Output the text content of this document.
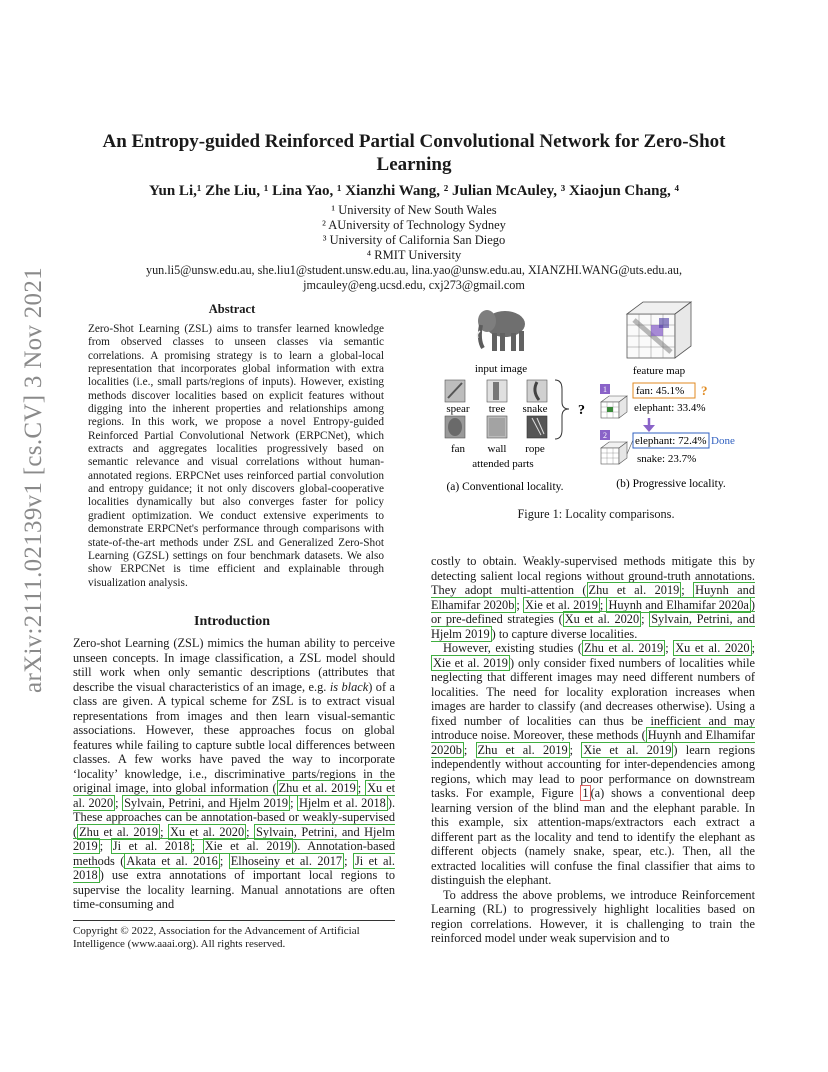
arXiv:2111.02139v1 [cs.CV] 3 Nov 2021
An Entropy-guided Reinforced Partial Convolutional Network for Zero-Shot Learning
Yun Li,¹ Zhe Liu, ¹ Lina Yao, ¹ Xianzhi Wang, ² Julian McAuley, ³ Xiaojun Chang, ⁴
¹ University of New South Wales
² AUniversity of Technology Sydney
³ University of California San Diego
⁴ RMIT University
yun.li5@unsw.edu.au, she.liu1@student.unsw.edu.au, lina.yao@unsw.edu.au, XIANZHI.WANG@uts.edu.au,
jmcauley@eng.ucsd.edu, cxj273@gmail.com
Abstract
Zero-Shot Learning (ZSL) aims to transfer learned knowledge from observed classes to unseen classes via semantic correlations. A promising strategy is to learn a global-local representation that incorporates global information with extra localities (i.e., small parts/regions of inputs). However, existing methods discover localities based on explicit features without digging into the inherent properties and relationships among regions. In this work, we propose a novel Entropy-guided Reinforced Partial Convolutional Network (ERPCNet), which extracts and aggregates localities progressively based on semantic relevance and visual correlations without human-annotated regions. ERPCNet uses reinforced partial convolution and entropy guidance; it not only discovers global-cooperative localities dynamically but also converges faster for policy gradient optimization. We conduct extensive experiments to demonstrate ERPCNet's performance through comparisons with state-of-the-art methods under ZSL and Generalized Zero-Shot Learning (GZSL) settings on four benchmark datasets. We also show ERPCNet is time efficient and explainable through visualization analysis.
Introduction

Zero-shot Learning (ZSL) mimics the human ability to perceive unseen concepts. In image classification, a ZSL model should still work when only semantic descriptions (attributes that describe the visual characteristics of an image, e.g. is black) of a class are given. A typical scheme for ZSL is to extract visual representations from images and then learn visual-semantic associations. However, these approaches focus on global features while failing to capture subtle local differences between classes. A few works have paved the way to incorporate ‘locality’ knowledge, i.e., discriminative parts/regions in the original image, into global information ( Zhu et al. 2019 ; Xu et al. 2020 ; Sylvain, Petrini, and Hjelm 2019 ; Hjelm et al. 2018 ). These approaches can be annotation-based or weakly-supervised ( Zhu et al. 2019 ; Xu et al. 2020 ; Sylvain, Petrini, and Hjelm 2019 ; Ji et al. 2018 ; Xie et al. 2019 ). Annotation-based methods ( Akata et al. 2016 ; Elhoseiny et al. 2017 ; Ji et al. 2018 ) use extra annotations of important local regions to supervise the locality learning. Manual annotations are often time-consuming and

Copyright © 2022, Association for the Advancement of Artificial Intelligence (www.aaai.org). All rights reserved.
input image
spear tree snake
fan wall rope
attended parts
?
feature map
1	fan: 45.1% ?
elephant: 33.4%
2	elephant: 72.4% Done
snake: 23.7%
(a) Conventional locality.	(b) Progressive locality.
Figure 1: Locality comparisons.

costly to obtain. Weakly-supervised methods mitigate this by detecting salient local regions without ground-truth annotations. They adopt multi-attention ( Zhu et al. 2019 ; Huynh and Elhamifar 2020b ; Xie et al. 2019 ; Huynh and Elhamifar 2020a ) or pre-defined strategies ( Xu et al. 2020 ; Sylvain, Petrini, and Hjelm 2019 ) to capture diverse localities.

However, existing studies ( Zhu et al. 2019 ; Xu et al. 2020 ; Xie et al. 2019 ) only consider fixed numbers of localities while neglecting that different images may need different numbers of localities. The need for locality exploration increases when images are harder to classify (and decreases otherwise). Using a fixed number of localities can thus be inefficient and may introduce noise. Moreover, these methods ( Huynh and Elhamifar 2020b ; Zhu et al. 2019 ; Xie et al. 2019 ) learn regions independently without accounting for inter-dependencies among regions, which may lead to poor performance on downstream tasks. For example, Figure 1 (a) shows a conventional deep learning version of the blind man and the elephant parable. In this example, six attention-maps/extractors each extract a different part as the locality and tend to identify the elephant as different objects (namely snake, spear, etc.). Then, all the extracted localities will confuse the final classifier that aims to distinguish the elephant.

To address the above problems, we introduce Reinforcement Learning (RL) to progressively highlight localities based on region correlations. However, it is challenging to train the reinforced model under weak supervision and to
